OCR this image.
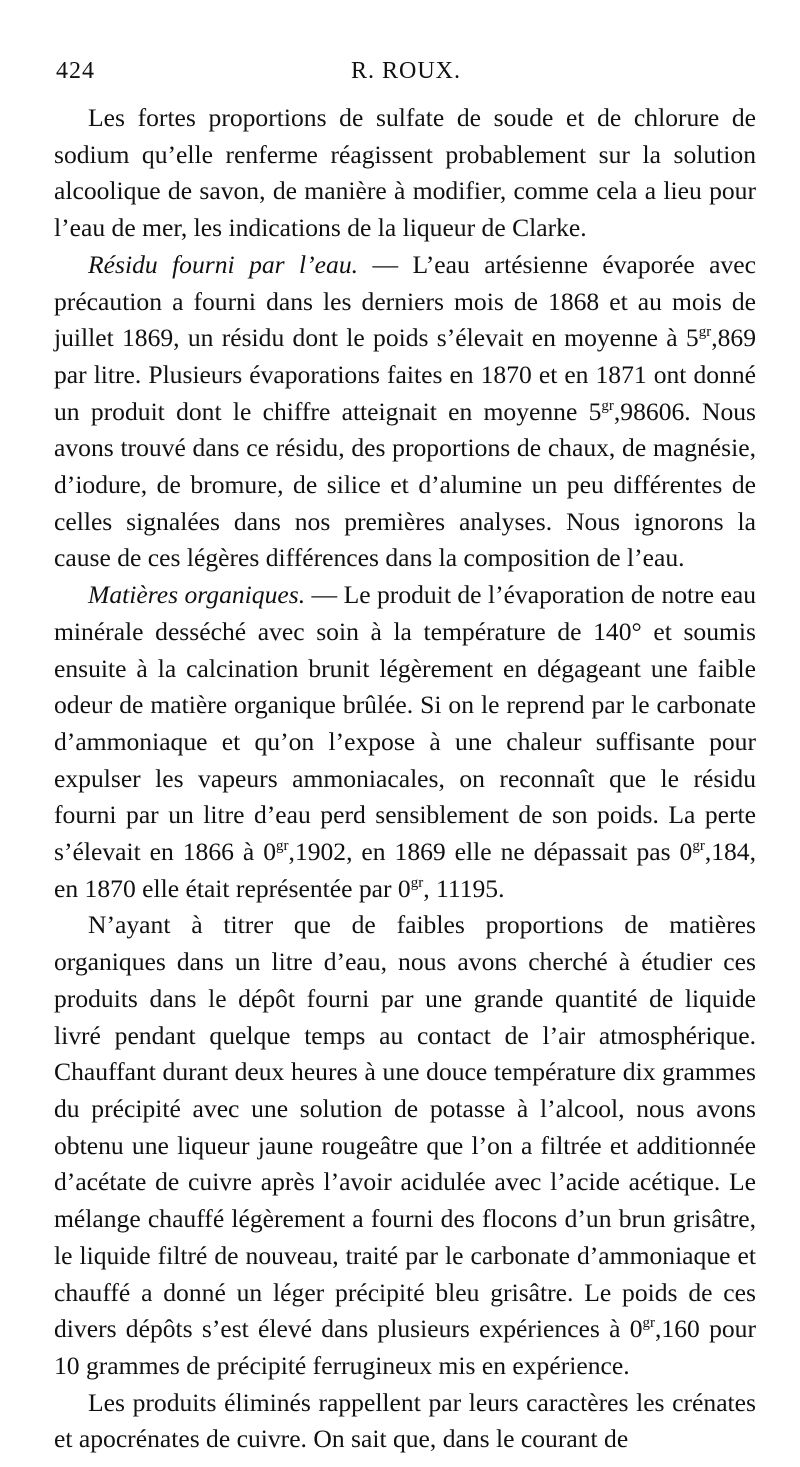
424	R. ROUX.

Les fortes proportions de sulfate de soude et de chlorure de sodium qu’elle renferme réagissent probablement sur la solution alcoolique de savon, de manière à modifier, comme cela a lieu pour l’eau de mer, les indications de la liqueur de Clarke.

Résidu fourni par l’eau. — L’eau artésienne évaporée avec précaution a fourni dans les derniers mois de 1868 et au mois de juillet 1869, un résidu dont le poids s’élevait en moyenne à $5^{gr},869$ par litre. Plusieurs évaporations faites en 1870 et en 1871 ont donné un produit dont le chiffre atteignait en moyenne $5^{gr},98606$. Nous avons trouvé dans ce résidu, des proportions de chaux, de magnésie, d’iodure, de bromure, de silice et d’alumine un peu différentes de celles signalées dans nos premières analyses. Nous ignorons la cause de ces légères différences dans la composition de l’eau.

Matières organiques. — Le produit de l’évaporation de notre eau minérale desséché avec soin à la température de 140° et soumis ensuite à la calcination brunit légèrement en dégageant une faible odeur de matière organique brûlée. Si on le reprend par le carbonate d’ammoniaque et qu’on l’expose à une chaleur suffisante pour expulser les vapeurs ammoniacales, on reconnaît que le résidu fourni par un litre d’eau perd sensiblement de son poids. La perte s’élevait en 1866 à $0^{gr},1902$, en 1869 elle ne dépassait pas $0^{gr},184$, en 1870 elle était représentée par $0^{gr}$, 11195.

N’ayant à titrer que de faibles proportions de matières organiques dans un litre d’eau, nous avons cherché à étudier ces produits dans le dépôt fourni par une grande quantité de liquide livré pendant quelque temps au contact de l’air atmosphérique. Chauffant durant deux heures à une douce température dix grammes du précipité avec une solution de potasse à l’alcool, nous avons obtenu une liqueur jaune rougeâtre que l’on a filtrée et additionnée d’acétate de cuivre après l’avoir acidulée avec l’acide acétique. Le mélange chauffé légèrement a fourni des flocons d’un brun grisâtre, le liquide filtré de nouveau, traité par le carbonate d’ammoniaque et chauffé a donné un léger précipité bleu grisâtre. Le poids de ces divers dépôts s’est élevé dans plusieurs expériences à $0^{gr},160$ pour 10 grammes de précipité ferrugineux mis en expérience.

Les produits éliminés rappellent par leurs caractères les crénates et apocrénates de cuivre. On sait que, dans le courant de
